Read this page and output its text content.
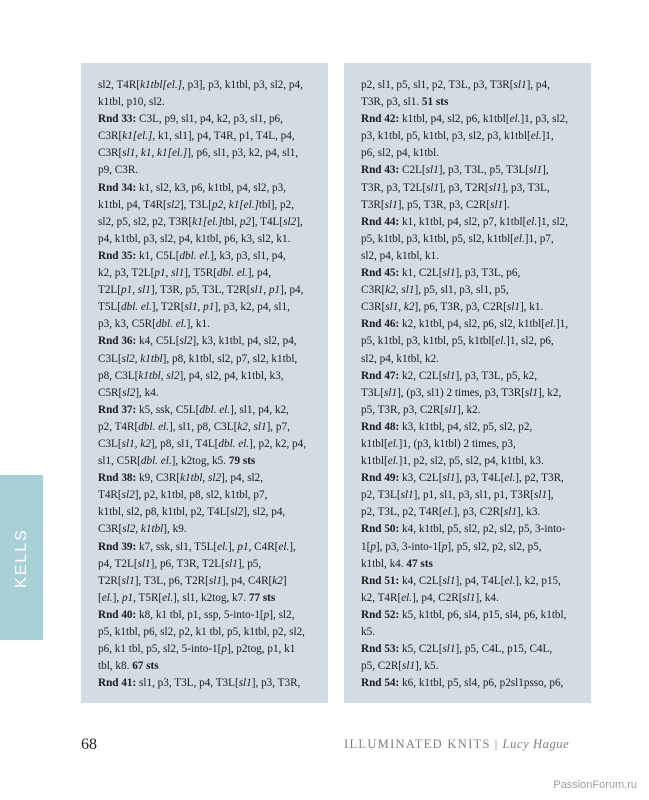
sl2, T4R[k1tbl[el.], p3], p3, k1tbl, p3, sl2, p4,
k1tbl, p10, sl2.
Rnd 33: C3L, p9, sl1, p4, k2, p3, sl1, p6,
C3R[k1[el.], k1, sl1], p4, T4R, p1, T4L, p4,
C3R[sl1, k1, k1[el.]], p6, sl1, p3, k2, p4, sl1,
p9, C3R.
Rnd 34: k1, sl2, k3, p6, k1tbl, p4, sl2, p3,
k1tbl, p4, T4R[sl2], T3L[p2, k1[el.]tbl], p2,
sl2, p5, sl2, p2, T3R[k1[el.]tbl, p2], T4L[sl2],
p4, k1tbl, p3, sl2, p4, k1tbl, p6, k3, sl2, k1.
Rnd 35: k1, C5L[dbl. el.], k3, p3, sl1, p4,
k2, p3, T2L[p1, sl1], T5R[dbl. el.], p4,
T2L[p1, sl1], T3R, p5, T3L, T2R[sl1, p1], p4,
T5L[dbl. el.], T2R[sl1, p1], p3, k2, p4, sl1,
p3, k3, C5R[dbl. el.], k1.
Rnd 36: k4, C5L[sl2], k3, k1tbl, p4, sl2, p4,
C3L[sl2, k1tbl], p8, k1tbl, sl2, p7, sl2, k1tbl,
p8, C3L[k1tbl, sl2], p4, sl2, p4, k1tbl, k3,
C5R[sl2], k4.
Rnd 37: k5, ssk, C5L[dbl. el.], sl1, p4, k2,
p2, T4R[dbl. el.], sl1, p8, C3L[k2, sl1], p7,
C3L[sl1, k2], p8, sl1, T4L[dbl. el.], p2, k2, p4,
sl1, C5R[dbl. el.], k2tog, k5. 79 sts
Rnd 38: k9, C3R[k1tbl, sl2], p4, sl2,
T4R[sl2], p2, k1tbl, p8, sl2, k1tbl, p7,
k1tbl, sl2, p8, k1tbl, p2, T4L[sl2], sl2, p4,
C3R[sl2, k1tbl], k9.
Rnd 39: k7, ssk, sl1, T5L[el.], p1, C4R[el.],
p4, T2L[sl1], p6, T3R, T2L[sl1], p5,
T2R[sl1], T3L, p6, T2R[sl1], p4, C4R[k2]
[el.], p1, T5R[el.], sl1, k2tog, k7. 77 sts
Rnd 40: k8, k1 tbl, p1, ssp, 5-into-1[p], sl2,
p5, k1tbl, p6, sl2, p2, k1 tbl, p5, k1tbl, p2, sl2,
p6, k1 tbl, p5, sl2, 5-into-1[p], p2tog, p1, k1
tbl, k8. 67 sts
Rnd 41: sl1, p3, T3L, p4, T3L[sl1], p3, T3R,
p2, sl1, p5, sl1, p2, T3L, p3, T3R[sl1], p4,
T3R, p3, sl1. 51 sts
Rnd 42: k1tbl, p4, sl2, p6, k1tbl[el.]1, p3, sl2,
p3, k1tbl, p5, k1tbl, p3, sl2, p3, k1tbl[el.]1,
p6, sl2, p4, k1tbl.
Rnd 43: C2L[sl1], p3, T3L, p5, T3L[sl1],
T3R, p3, T2L[sl1], p3, T2R[sl1], p3, T3L,
T3R[sl1], p5, T3R, p3, C2R[sl1].
Rnd 44: k1, k1tbl, p4, sl2, p7, k1tbl[el.]1, sl2,
p5, k1tbl, p3, k1tbl, p5, sl2, k1tbl[el.]1, p7,
sl2, p4, k1tbl, k1.
Rnd 45: k1, C2L[sl1], p3, T3L, p6,
C3R[k2, sl1], p5, sl1, p3, sl1, p5,
C3R[sl1, k2], p6, T3R, p3, C2R[sl1], k1.
Rnd 46: k2, k1tbl, p4, sl2, p6, sl2, k1tbl[el.]1,
p5, k1tbl, p3, k1tbl, p5, k1tbl[el.]1, sl2, p6,
sl2, p4, k1tbl, k2.
Rnd 47: k2, C2L[sl1], p3, T3L, p5, k2,
T3L[sl1], (p3, sl1) 2 times, p3, T3R[sl1], k2,
p5, T3R, p3, C2R[sl1], k2.
Rnd 48: k3, k1tbl, p4, sl2, p5, sl2, p2,
k1tbl[el.]1, (p3, k1tbl) 2 times, p3,
k1tbl[el.]1, p2, sl2, p5, sl2, p4, k1tbl, k3.
Rnd 49: k3, C2L[sl1], p3, T4L[el.], p2, T3R,
p2, T3L[sl1], p1, sl1, p3, sl1, p1, T3R[sl1],
p2, T3L, p2, T4R[el.], p3, C2R[sl1], k3.
Rnd 50: k4, k1tbl, p5, sl2, p2, sl2, p5, 3-into-
1[p], p3, 3-into-1[p], p5, sl2, p2, sl2, p5,
k1tbl, k4. 47 sts
Rnd 51: k4, C2L[sl1], p4, T4L[el.], k2, p15,
k2, T4R[el.], p4, C2R[sl1], k4.
Rnd 52: k5, k1tbl, p6, sl4, p15, sl4, p6, k1tbl,
k5.
Rnd 53: k5, C2L[sl1], p5, C4L, p15, C4L,
p5, C2R[sl1], k5.
Rnd 54: k6, k1tbl, p5, sl4, p6, p2sl1psso, p6,
KELLS
68	ILLUMINATED KNITS | Lucy Hague
PassionForum.ru
